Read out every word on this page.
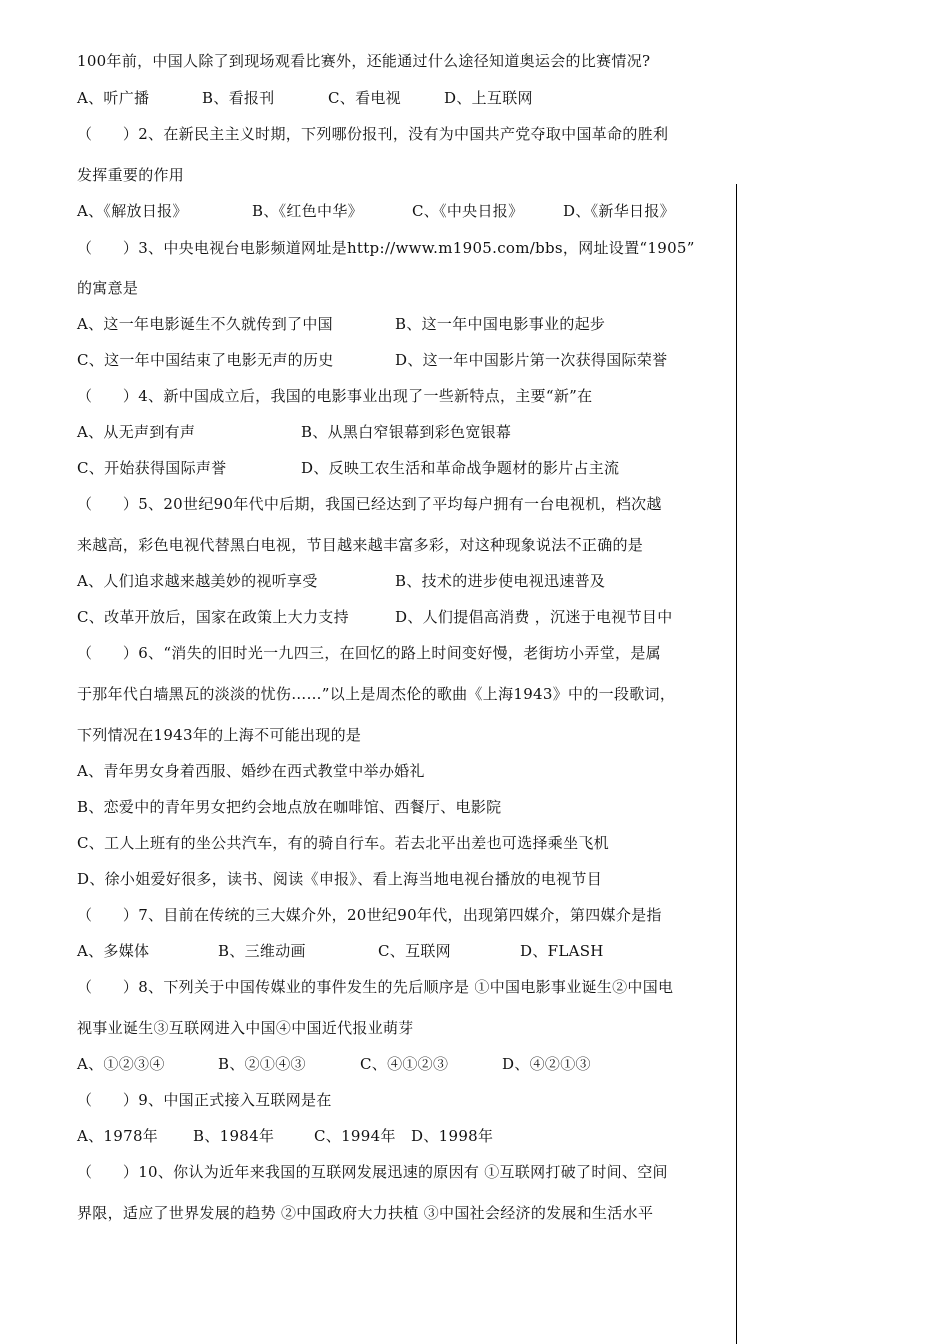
100年前，中国人除了到现场观看比赛外，还能通过什么途径知道奥运会的比赛情况?
A、听广播	B、看报刊	C、看电视	D、上互联网
（　　）2、在新民主主义时期，下列哪份报刊，没有为中国共产党夺取中国革命的胜利
发挥重要的作用
A、《解放日报》	B、《红色中华》	C、《中央日报》	D、《新华日报》
（　　）3、中央电视台电影频道网址是http://www.m1905.com/bbs，网址设置“1905”
的寓意是
A、这一年电影诞生不久就传到了中国	B、这一年中国电影事业的起步
C、这一年中国结束了电影无声的历史	D、这一年中国影片第一次获得国际荣誉
（　　）4、新中国成立后，我国的电影事业出现了一些新特点，主要“新”在
A、从无声到有声	B、从黑白窄银幕到彩色宽银幕
C、开始获得国际声誉	D、反映工农生活和革命战争题材的影片占主流
（　　）5、20世纪90年代中后期，我国已经达到了平均每户拥有一台电视机，档次越
来越高，彩色电视代替黑白电视，节目越来越丰富多彩，对这种现象说法不正确的是
A、人们追求越来越美妙的视听享受	B、技术的进步使电视迅速普及
C、改革开放后，国家在政策上大力支持	D、人们提倡高消费 ，沉迷于电视节目中
（　　）6、“消失的旧时光一九四三，在回忆的路上时间变好慢，老街坊小弄堂，是属
于那年代白墙黑瓦的淡淡的忧伤……”以上是周杰伦的歌曲《上海1943》中的一段歌词，
下列情况在1943年的上海不可能出现的是
A、青年男女身着西服、婚纱在西式教堂中举办婚礼
B、恋爱中的青年男女把约会地点放在咖啡馆、西餐厅、电影院
C、工人上班有的坐公共汽车，有的骑自行车。若去北平出差也可选择乘坐飞机
D、徐小姐爱好很多，读书、阅读《申报》、看上海当地电视台播放的电视节目
（　　）7、目前在传统的三大媒介外，20世纪90年代，出现第四媒介，第四媒介是指
A、多媒体	B、三维动画	C、互联网	D、FLASH
（　　）8、下列关于中国传媒业的事件发生的先后顺序是 ①中国电影事业诞生②中国电
视事业诞生③互联网进入中国④中国近代报业萌芽
A、①②③④	B、②①④③	C、④①②③	D、④②①③
（　　）9、中国正式接入互联网是在
A、1978年 B、1984年	C、1994年 D、1998年
（　　）10、你认为近年来我国的互联网发展迅速的原因有 ①互联网打破了时间、空间
界限，适应了世界发展的趋势 ②中国政府大力扶植 ③中国社会经济的发展和生活水平
